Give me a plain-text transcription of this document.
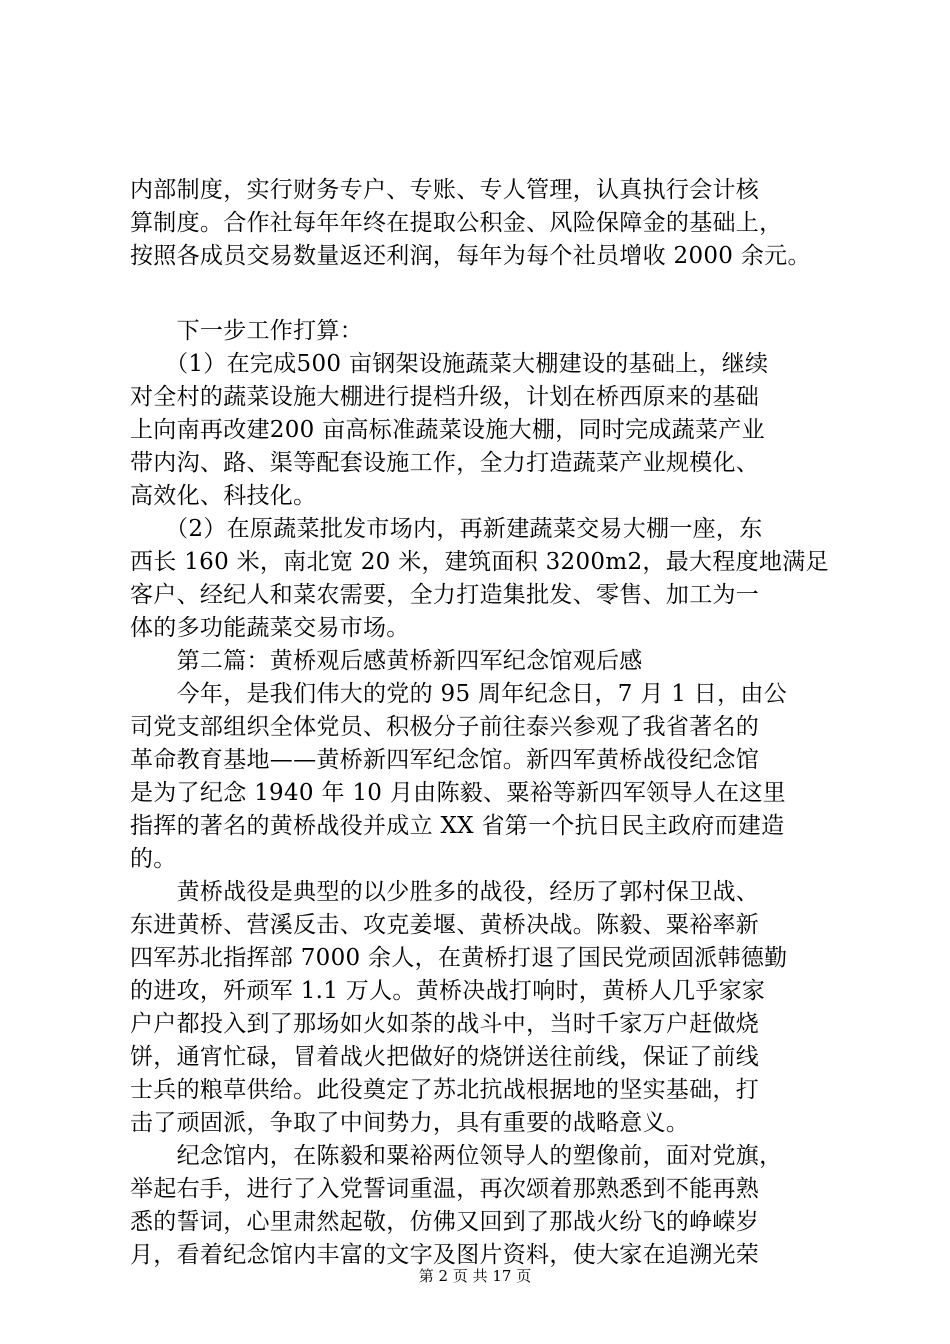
内部制度，实行财务专户、专账、专人管理，认真执行会计核
算制度。合作社每年年终在提取公积金、风险保障金的基础上，
按照各成员交易数量返还利润，每年为每个社员增收 2000 余元。
　　下一步工作打算：
　　（1）在完成500 亩钢架设施蔬菜大棚建设的基础上，继续
对全村的蔬菜设施大棚进行提档升级，计划在桥西原来的基础
上向南再改建200 亩高标准蔬菜设施大棚，同时完成蔬菜产业
带内沟、路、渠等配套设施工作，全力打造蔬菜产业规模化、
高效化、科技化。
　　（2）在原蔬菜批发市场内，再新建蔬菜交易大棚一座，东
西长 160 米，南北宽 20 米，建筑面积 3200m2，最大程度地满足
客户、经纪人和菜农需要，全力打造集批发、零售、加工为一
体的多功能蔬菜交易市场。
　　第二篇：黄桥观后感黄桥新四军纪念馆观后感
　　今年，是我们伟大的党的 95 周年纪念日，7 月 1 日，由公
司党支部组织全体党员、积极分子前往泰兴参观了我省著名的
革命教育基地——黄桥新四军纪念馆。新四军黄桥战役纪念馆
是为了纪念 1940 年 10 月由陈毅、粟裕等新四军领导人在这里
指挥的著名的黄桥战役并成立 XX 省第一个抗日民主政府而建造
的。
　　黄桥战役是典型的以少胜多的战役，经历了郭村保卫战、
东进黄桥、营溪反击、攻克姜堰、黄桥决战。陈毅、粟裕率新
四军苏北指挥部 7000 余人，在黄桥打退了国民党顽固派韩德勤
的进攻，歼顽军 1.1 万人。黄桥决战打响时，黄桥人几乎家家
户户都投入到了那场如火如荼的战斗中，当时千家万户赶做烧
饼，通宵忙碌，冒着战火把做好的烧饼送往前线，保证了前线
士兵的粮草供给。此役奠定了苏北抗战根据地的坚实基础，打
击了顽固派，争取了中间势力，具有重要的战略意义。
　　纪念馆内，在陈毅和粟裕两位领导人的塑像前，面对党旗，
举起右手，进行了入党誓词重温，再次颂着那熟悉到不能再熟
悉的誓词，心里肃然起敬，仿佛又回到了那战火纷飞的峥嵘岁
月，看着纪念馆内丰富的文字及图片资料，使大家在追溯光荣
第 2 页 共 17 页
